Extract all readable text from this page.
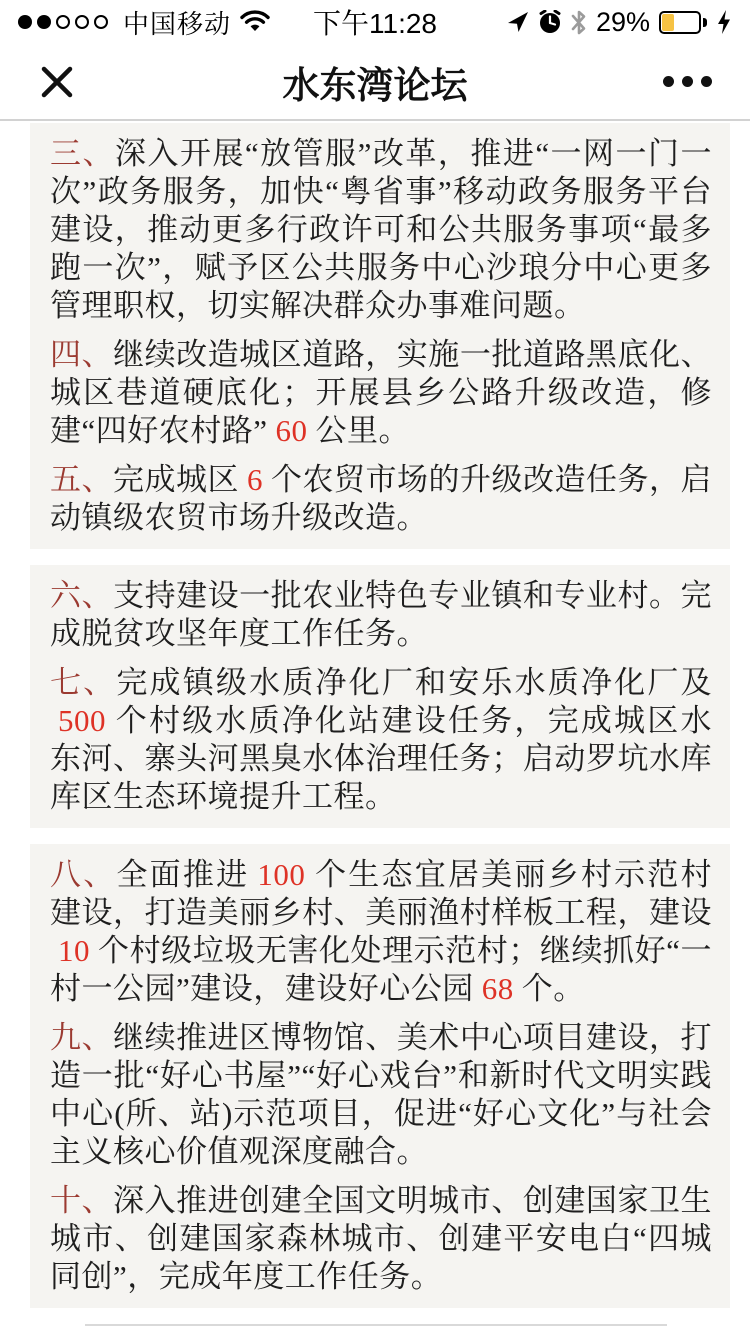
中国移动	下午11:28	29%
水东湾论坛

三、深入开展“放管服”改革，推进“一网一门一次”政务服务，加快“粤省事”移动政务服务平台建设，推动更多行政许可和公共服务事项“最多跑一次”，赋予区公共服务中心沙琅分中心更多管理职权，切实解决群众办事难问题。

四、继续改造城区道路，实施一批道路黑底化、城区巷道硬底化；开展县乡公路升级改造，修建“四好农村路” 60 公里。

五、完成城区 6 个农贸市场的升级改造任务，启动镇级农贸市场升级改造。

六、支持建设一批农业特色专业镇和专业村。完成脱贫攻坚年度工作任务。

七、完成镇级水质净化厂和安乐水质净化厂及500 个村级水质净化站建设任务，完成城区水东河、寨头河黑臭水体治理任务；启动罗坑水库库区生态环境提升工程。

八、全面推进 100 个生态宜居美丽乡村示范村建设，打造美丽乡村、美丽渔村样板工程，建设10 个村级垃圾无害化处理示范村；继续抓好“一村一公园”建设，建设好心公园 68 个。

九、继续推进区博物馆、美术中心项目建设，打造一批“好心书屋”“好心戏台”和新时代文明实践中心(所、站)示范项目，促进“好心文化”与社会主义核心价值观深度融合。

十、深入推进创建全国文明城市、创建国家卫生城市、创建国家森林城市、创建平安电白“四城同创”，完成年度工作任务。
